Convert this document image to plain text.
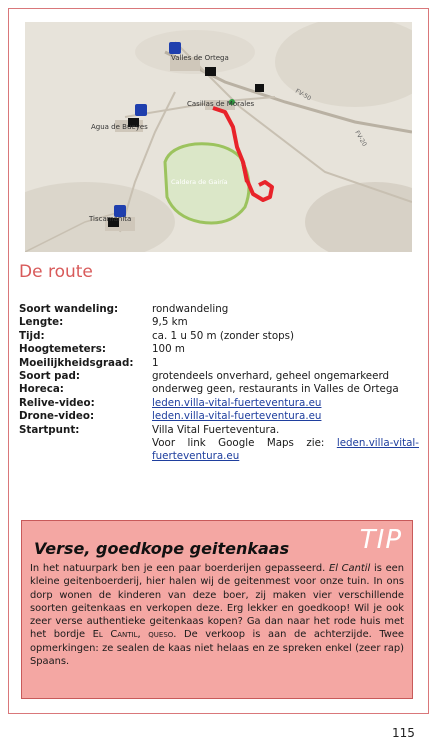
Valles de Ortega
Casillas de Morales
Agua de Bueyes
Caldera de Gairía
Tiscamanita
FV-50
FV-20
De route
Soort wandeling:	rondwandeling
Lengte:	9,5 km
Tijd:	ca. 1 u 50 m (zonder stops)
Hoogtemeters:	100 m
Moeilijkheidsgraad:	1
Soort pad:	grotendeels onverhard, geheel ongemarkeerd
Horeca:	onderweg geen, restaurants in Valles de Ortega
Relive-video:	leden.villa-vital-fuerteventura.eu
Drone-video:	leden.villa-vital-fuerteventura.eu
Startpunt:	Villa Vital Fuerteventura.
Voor link Google Maps zie: leden.villa-vital-fuerteventura.eu
TIP
Verse, goedkope geitenkaas

In het natuurpark ben je een paar boerderijen gepasseerd. El Cantil is een kleine geitenboerderij, hier halen wij de geitenmest voor onze tuin. In ons dorp wonen de kinderen van deze boer, zij maken vier verschillende soorten geitenkaas en verkopen deze. Erg lekker en goedkoop! Wil je ook zeer verse authentieke geitenkaas kopen? Ga dan naar het rode huis met het bordje El Cantil, queso. De verkoop is aan de achterzijde. Twee opmerkingen: ze sealen de kaas niet helaas en ze spreken enkel (zeer rap) Spaans.

115
